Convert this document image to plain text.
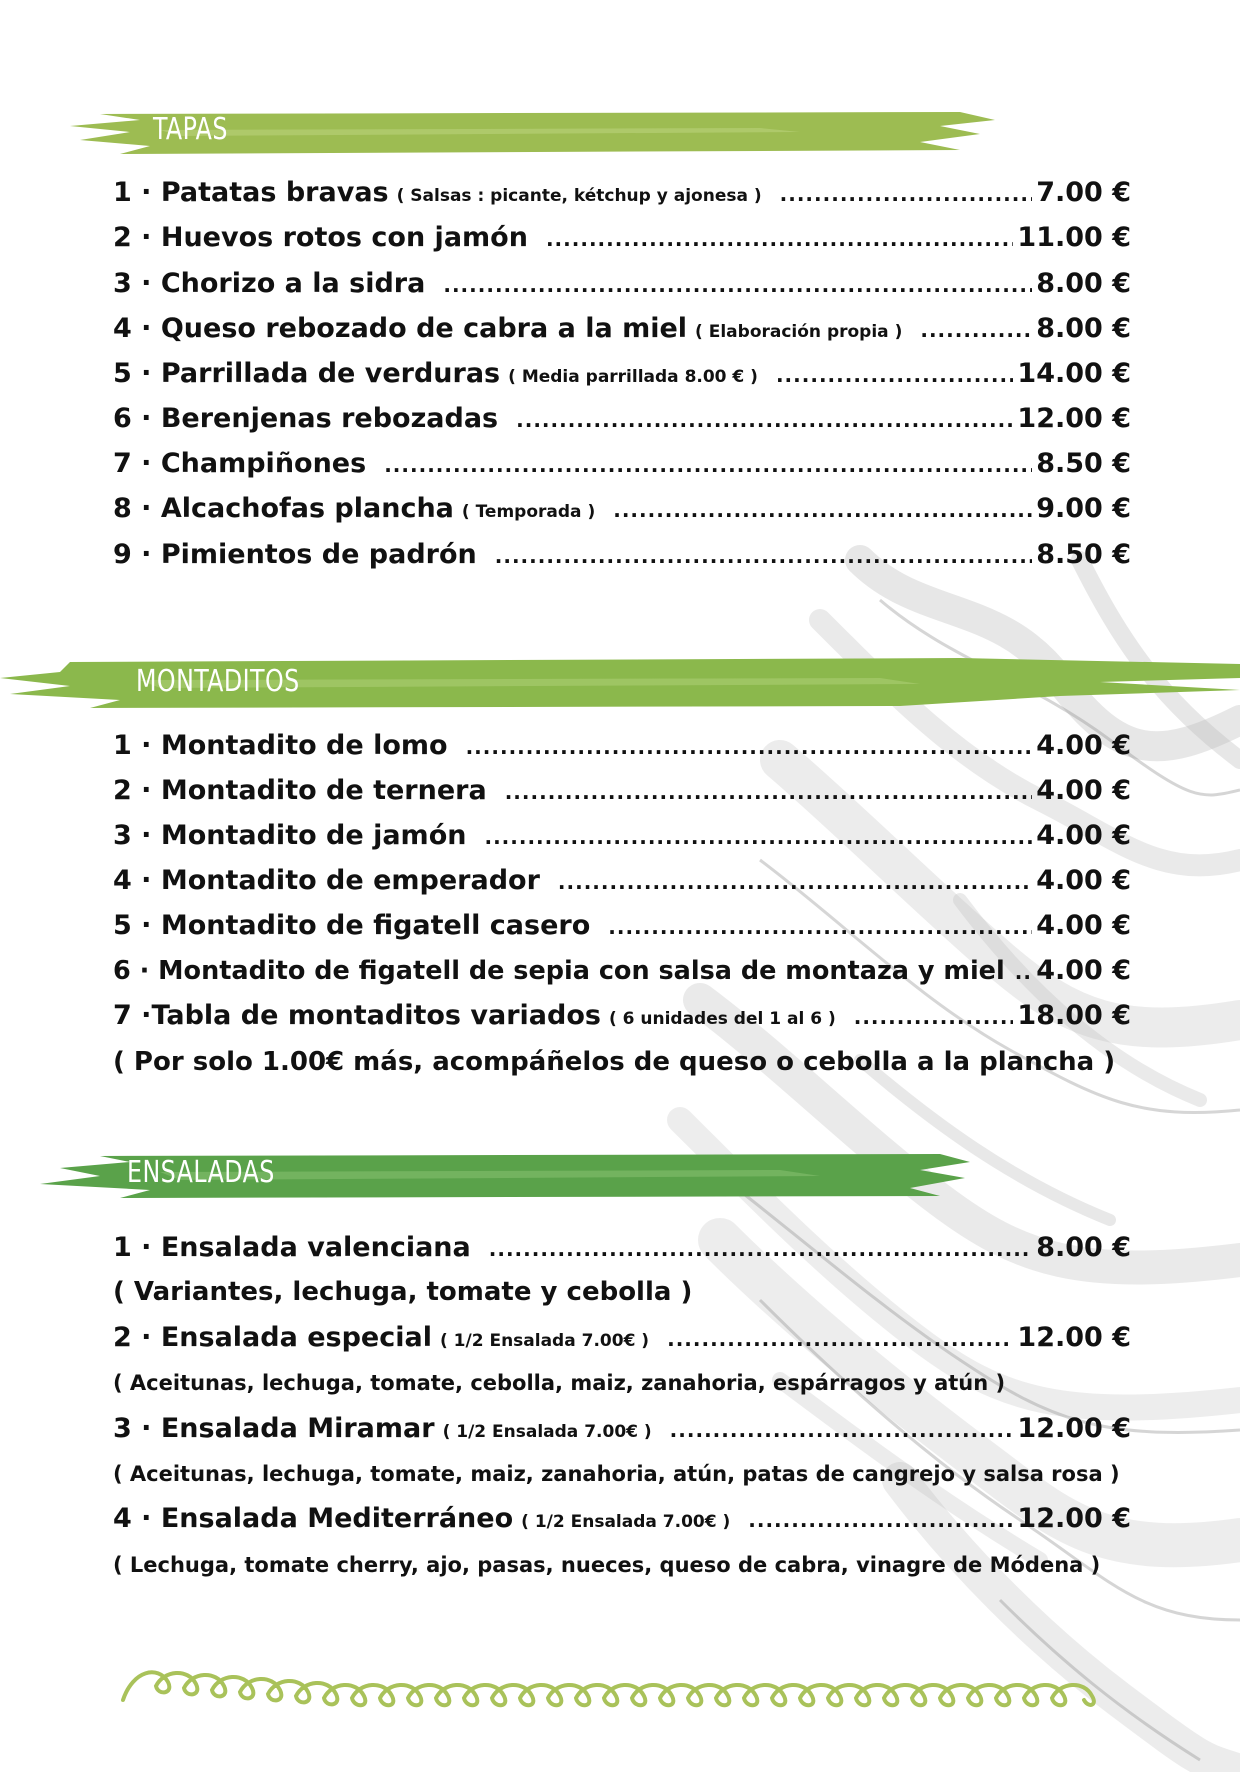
TAPAS
1 · Patatas bravas ( Salsas : picante, kétchup y ajonesa ) .....	7.00 €
2 · Huevos rotos con jamón .....	11.00 €
3 · Chorizo a la sidra .....	8.00 €
4 · Queso rebozado de cabra a la miel ( Elaboración propia ) .....	8.00 €
5 · Parrillada de verduras ( Media parrillada 8.00 € ) .....	14.00 €
6 · Berenjenas rebozadas .....	12.00 €
7 · Champiñones .....	8.50 €
8 · Alcachofas plancha ( Temporada ) .....	9.00 €
9 · Pimientos de padrón .....	8.50 €
MONTADITOS
1 · Montadito de lomo .....	4.00 €
2 · Montadito de ternera .....	4.00 €
3 · Montadito de jamón .....	4.00 €
4 · Montadito de emperador .....	4.00 €
5 · Montadito de figatell casero .....	4.00 €
6 · Montadito de figatell de sepia con salsa de montaza y miel ..... 4.00 €
7 ·Tabla de montaditos variados ( 6 unidades del 1 al 6 ) .....	18.00 €
( Por solo 1.00€ más, acompáñelos de queso o cebolla a la plancha )
ENSALADAS
1 · Ensalada valenciana .....	8.00 €
( Variantes, lechuga, tomate y cebolla )
2 · Ensalada especial ( 1/2 Ensalada 7.00€ ) .....	12.00 €
( Aceitunas, lechuga, tomate, cebolla, maiz, zanahoria, espárragos y atún )
3 · Ensalada Miramar ( 1/2 Ensalada 7.00€ ) .....	12.00 €
( Aceitunas, lechuga, tomate, maiz, zanahoria, atún, patas de cangrejo y salsa rosa )
4 · Ensalada Mediterráneo ( 1/2 Ensalada 7.00€ ) .....	12.00 €
( Lechuga, tomate cherry, ajo, pasas, nueces, queso de cabra, vinagre de Módena )
